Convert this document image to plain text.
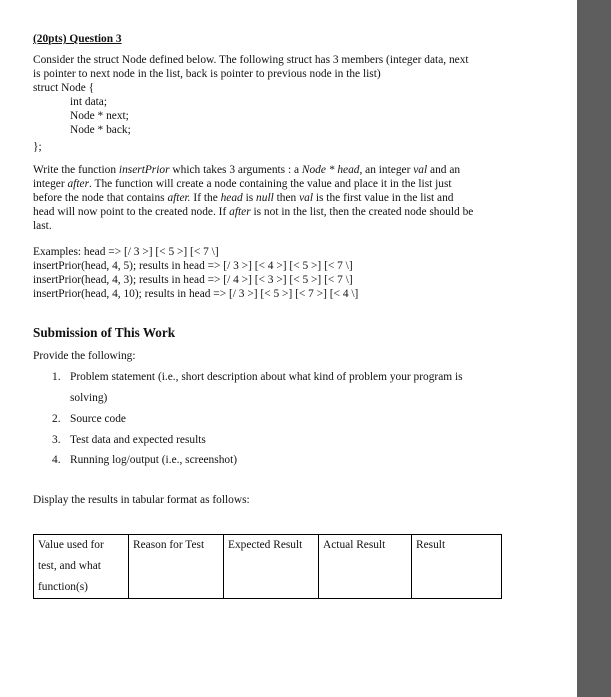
(20pts) Question 3
Consider the struct Node defined below. The following struct has 3 members (integer data, next
is pointer to next node in the list, back is pointer to previous node in the list)
struct Node {
int data;
Node * next;
Node * back;
};
Write the function insertPrior which takes 3 arguments : a Node * head, an integer val and an
integer after. The function will create a node containing the value and place it in the list just
before the node that contains after. If the head is null then val is the first value in the list and
head will now point to the created node. If after is not in the list, then the created node should be
last.
Examples: head => [/ 3 >] [< 5 >] [< 7 \]
insertPrior(head, 4, 5); results in head => [/ 3 >] [< 4 >] [< 5 >] [< 7 \]
insertPrior(head, 4, 3); results in head => [/ 4 >] [< 3 >] [< 5 >] [< 7 \]
insertPrior(head, 4, 10); results in head => [/ 3 >] [< 5 >] [< 7 >] [< 4 \]
Submission of This Work
Provide the following:
1. Problem statement (i.e., short description about what kind of problem your program is
solving)
2. Source code
3. Test data and expected results
4. Running log/output (i.e., screenshot)
Display the results in tabular format as follows:
Value used for
test, and what
function(s)
	Reason for Test	Expected Result	Actual Result	Result
